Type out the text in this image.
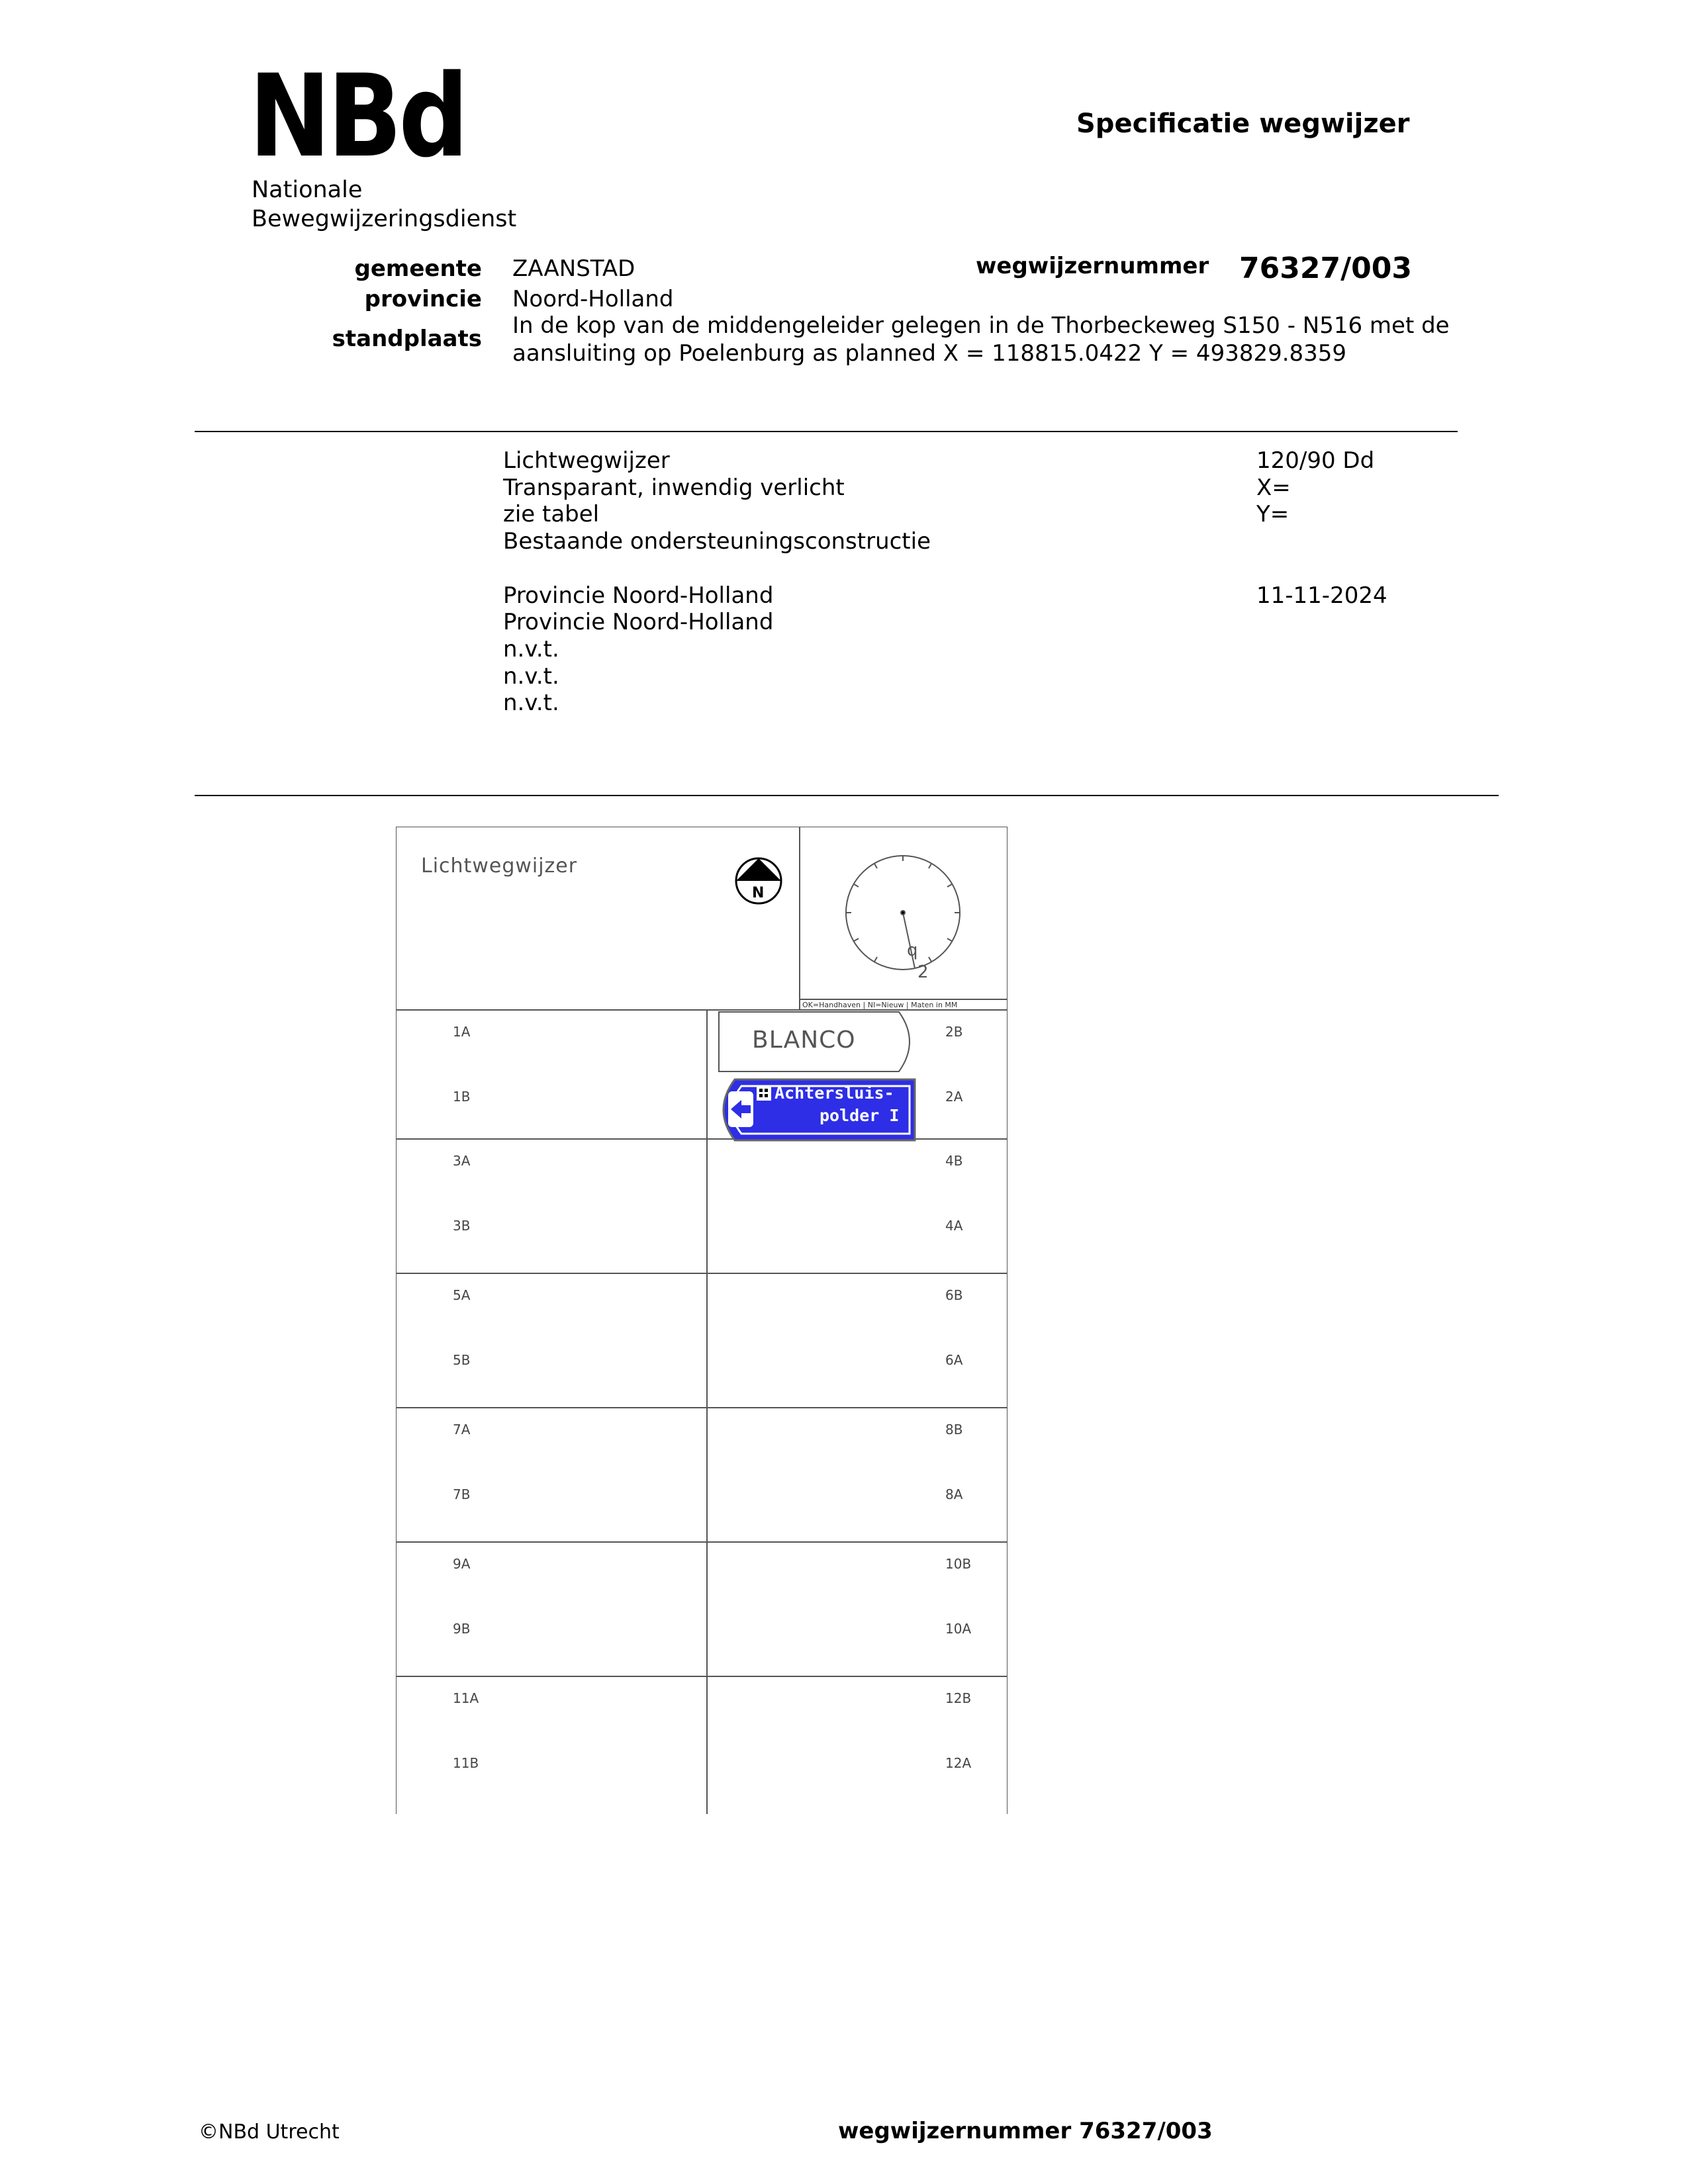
NBd
Nationale
Bewegwijzeringsdienst
Specificatie wegwijzer
gemeente ZAANSTAD
provincie Noord-Holland
standplaats In de kop van de middengeleider gelegen in de Thorbeckeweg S150 - N516 met de
aansluiting op Poelenburg as planned X = 118815.0422 Y = 493829.8359
wegwijzernummer 76327/003
Lichtwegwijzer
Transparant, inwendig verlicht
zie tabel
Bestaande ondersteuningsconstructie
Provincie Noord-Holland
Provincie Noord-Holland
n.v.t.
n.v.t.
n.v.t.
120/90 Dd
X=
Y=
11-11-2024
Lichtwegwijzer
N
b
2
OK=Handhaven | NI=Nieuw | Maten in MM
BLANCO
Achtersluis-
polder I
1A
1B
3A
3B
5A
5B
7A
7B
9A
9B
11A
11B
2B
2A
4B
4A
6B
6A
8B
8A
10B
10A
12B
12A
©NBd Utrecht	wegwijzernummer 76327/003
